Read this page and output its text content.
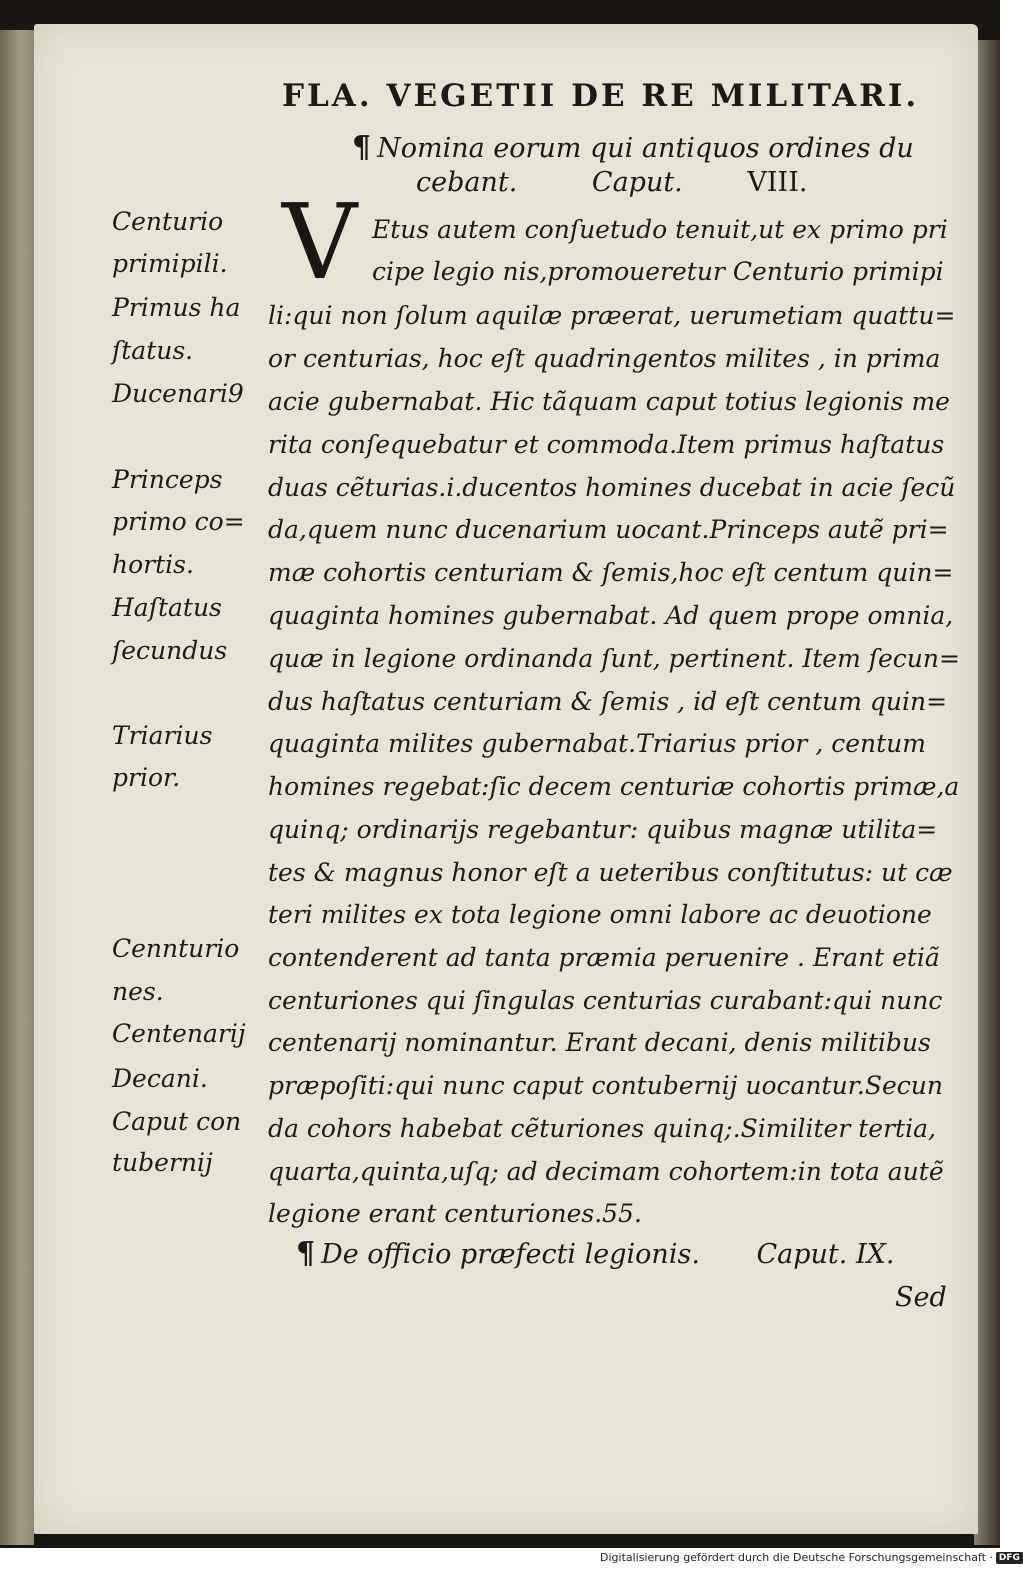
FLA. VEGETII DE RE MILITARI.
¶ Nomina eorum qui antiquos ordines du
cebant.	Caput. VIII.
V
Centurio
primipili.
Primus ha
ſtatus.
Ducenari9
Princeps
primo co=
hortis.
Haſtatus
ſecundus
Triarius
prior.
Cennturio
nes.
Centenarij
Decani.
Caput con
tubernij
Etus autem conſuetudo tenuit,ut ex primo pri
cipe legio nis,promoueretur Centurio primipi
li:qui non ſolum aquilæ præerat, uerumetiam quattu=
or centurias, hoc eſt quadringentos milites , in prima
acie gubernabat. Hic tãquam caput totius legionis me
rita conſequebatur et commoda.Item primus haſtatus
duas cẽturias.i.ducentos homines ducebat in acie ſecũ
da,quem nunc ducenarium uocant.Princeps autẽ pri=
mæ cohortis centuriam & ſemis,hoc eſt centum quin=
quaginta homines gubernabat. Ad quem prope omnia,
quæ in legione ordinanda ſunt, pertinent. Item ſecun=
dus haſtatus centuriam & ſemis , id eſt centum quin=
quaginta milites gubernabat.Triarius prior , centum
homines regebat:ſic decem centuriæ cohortis primæ,a
quinq; ordinarijs regebantur: quibus magnæ utilita=
tes & magnus honor eſt a ueteribus conſtitutus: ut cæ
teri milites ex tota legione omni labore ac deuotione
contenderent ad tanta præmia peruenire . Erant etiã
centuriones qui ſingulas centurias curabant:qui nunc
centenarij nominantur. Erant decani, denis militibus
præpoſiti:qui nunc caput contubernij uocantur.Secun
da cohors habebat cẽturiones quinq;.Similiter tertia,
quarta,quinta,uſq; ad decimam cohortem:in tota autẽ
legione erant centuriones.55.
¶ De officio præfecti legionis. Caput. IX.
Sed
Digitalisierung gefördert durch die Deutsche Forschungsgemeinschaft · DFG
